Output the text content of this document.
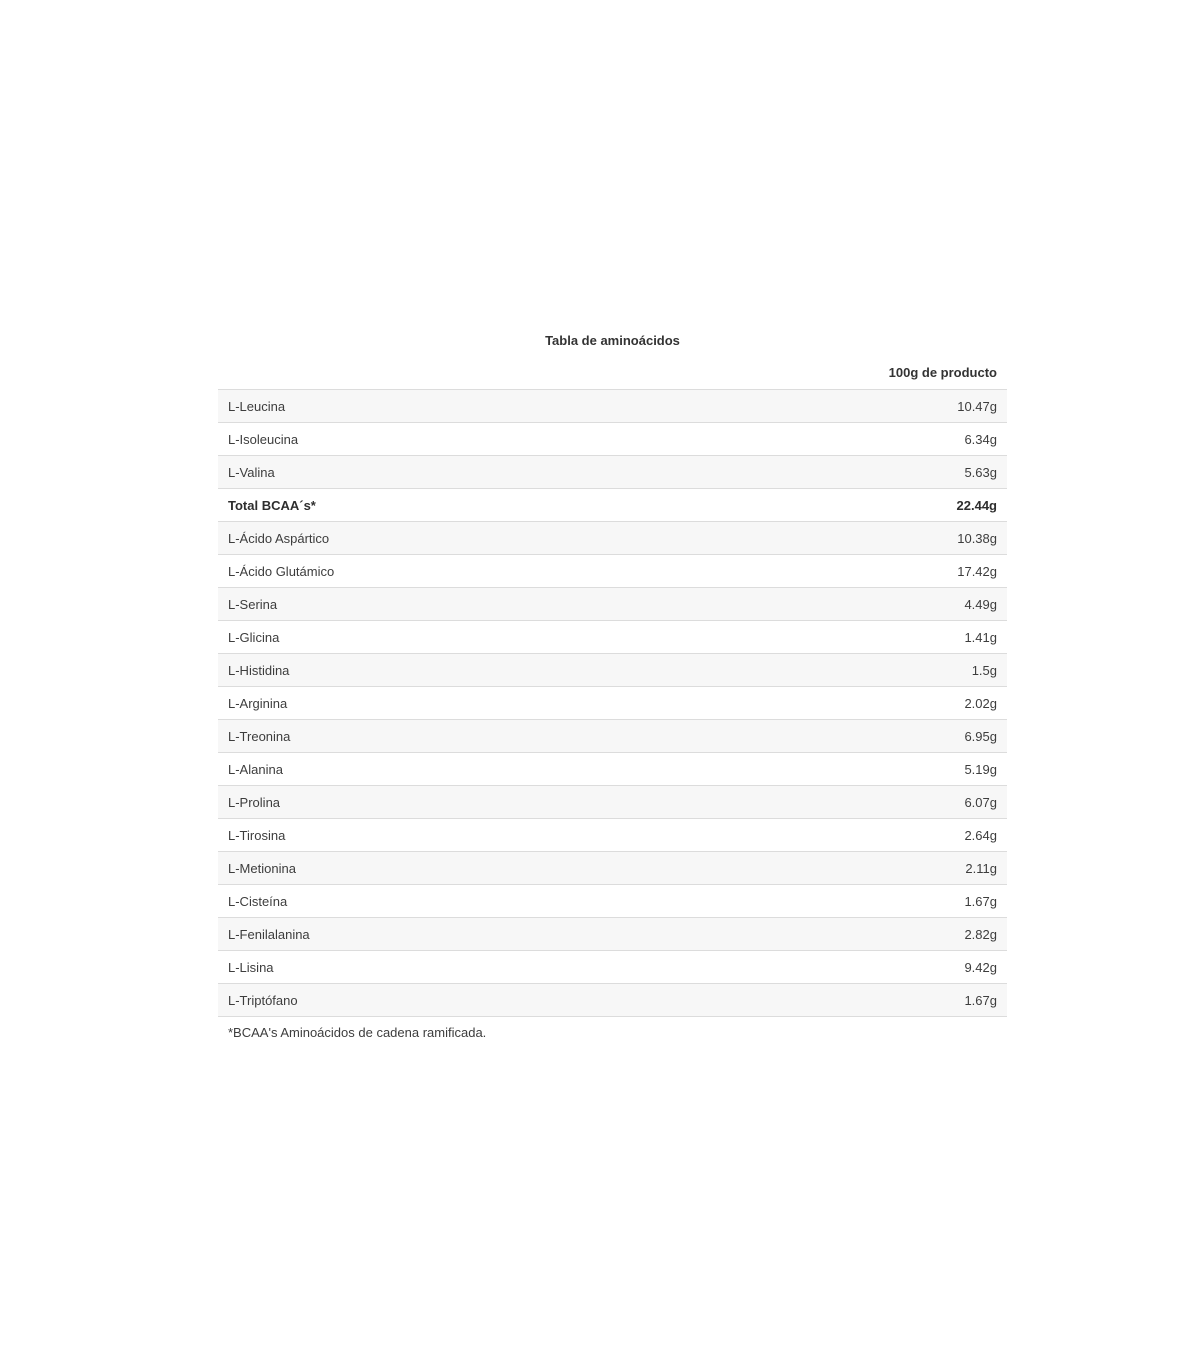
Tabla de aminoácidos
100g de producto
L-Leucina	10.47g
L-Isoleucina	6.34g
L-Valina	5.63g
Total BCAA´s*	22.44g
L-Ácido Aspártico	10.38g
L-Ácido Glutámico	17.42g
L-Serina	4.49g
L-Glicina	1.41g
L-Histidina	1.5g
L-Arginina	2.02g
L-Treonina	6.95g
L-Alanina	5.19g
L-Prolina	6.07g
L-Tirosina	2.64g
L-Metionina	2.11g
L-Cisteína	1.67g
L-Fenilalanina	2.82g
L-Lisina	9.42g
L-Triptófano	1.67g
*BCAA's Aminoácidos de cadena ramificada.
